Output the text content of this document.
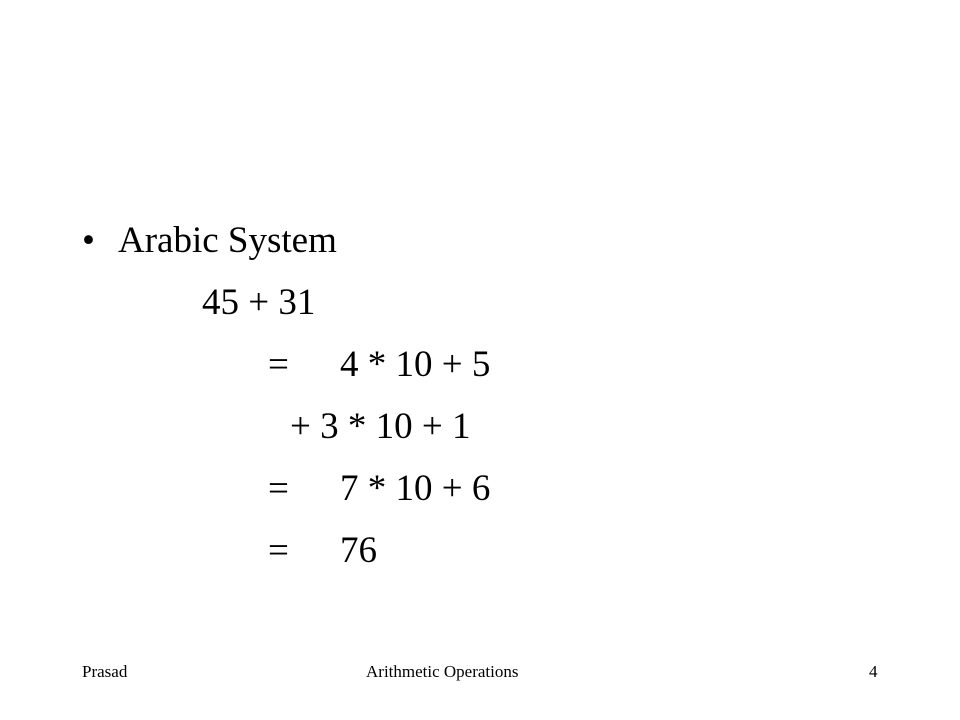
• Arabic System
45 + 31
=	4 * 10 + 5
+ 3 * 10 + 1
=	7 * 10 + 6
=	76
Prasad	Arithmetic Operations	4
